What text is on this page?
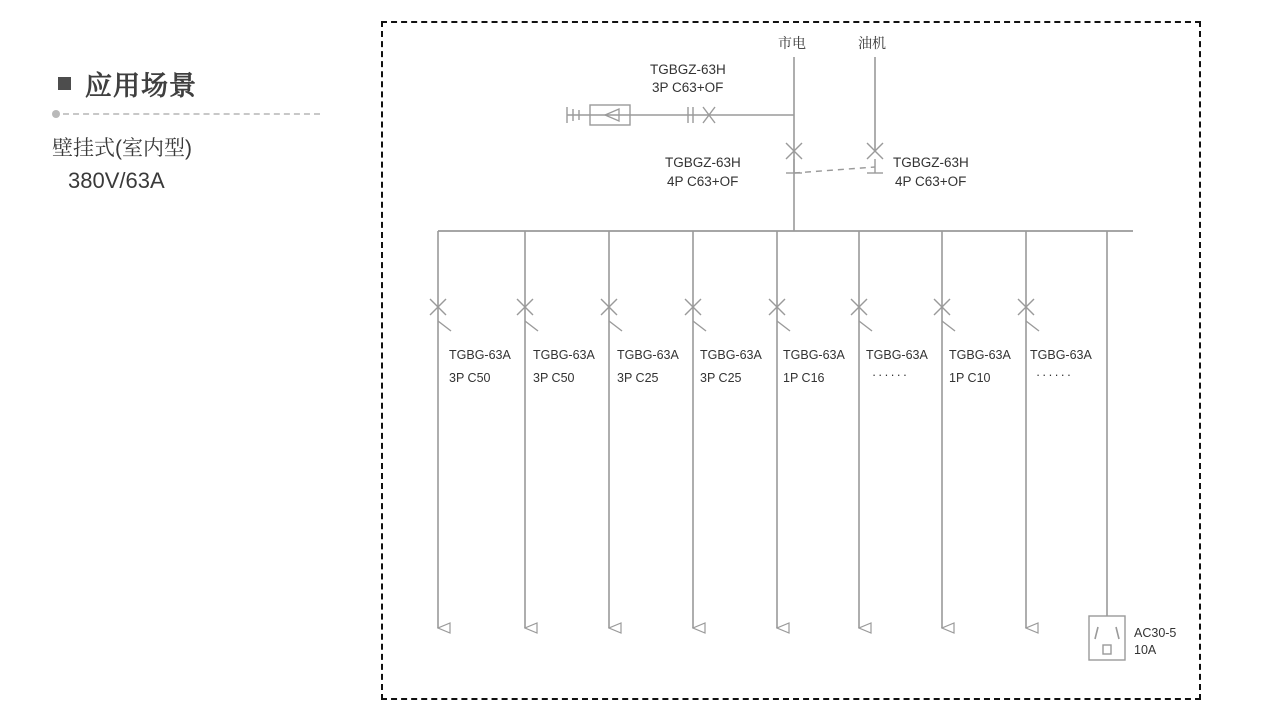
应用场景
壁挂式(室内型)
380V/63A
市电	油机
TGBGZ-63H
3P C63+OF
TGBGZ-63H
4P C63+OF
TGBGZ-63H
4P C63+OF
TGBG-63A
3P C50
TGBG-63A
3P C50
TGBG-63A
3P C25
TGBG-63A
3P C25
TGBG-63A
1P C16
TGBG-63A
······
TGBG-63A
1P C10
TGBG-63A
······
AC30-5
10A
